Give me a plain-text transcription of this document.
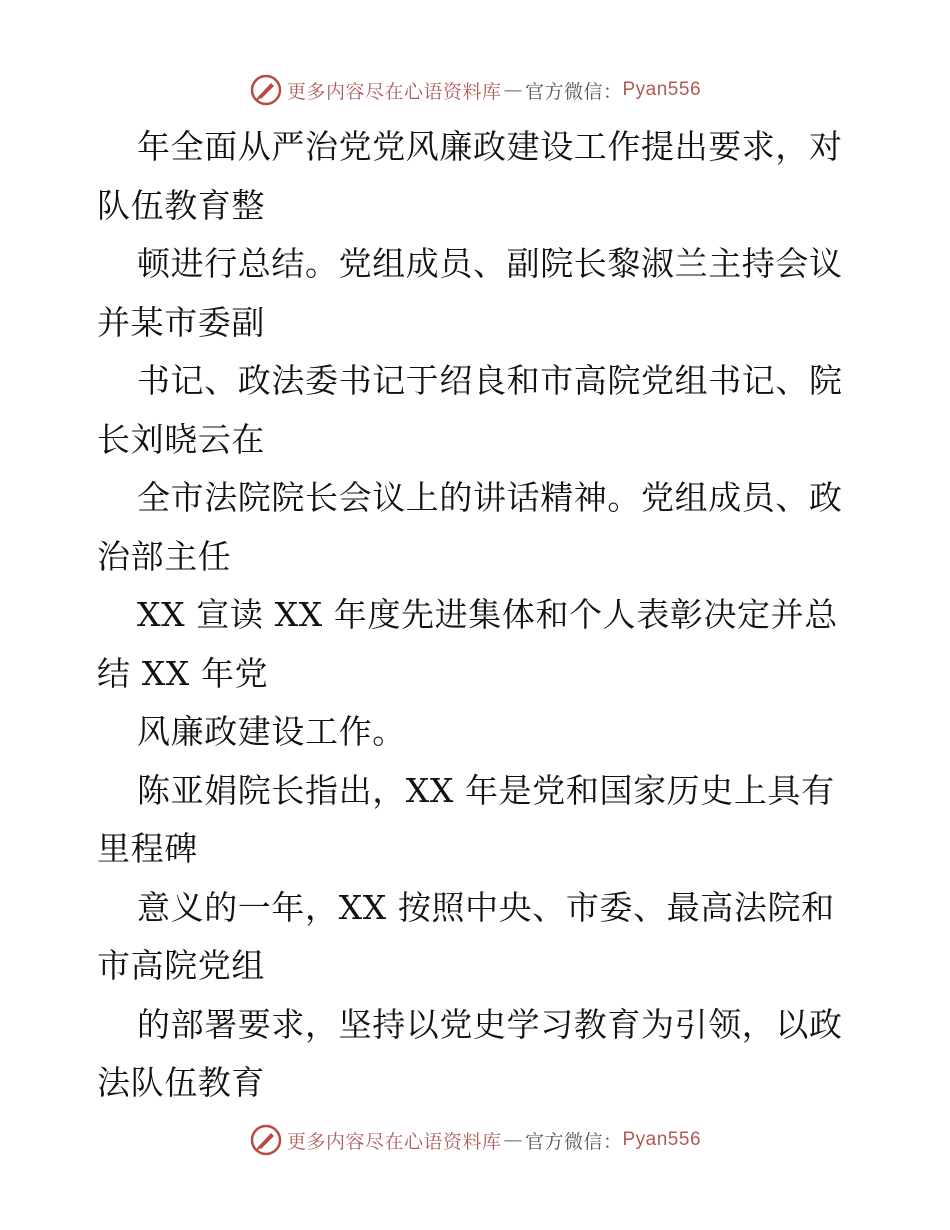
更多内容尽在心语资料库 — 官方微信： Pyan556
年全面从严治党党风廉政建设工作提出要求，对
队伍教育整
顿进行总结。党组成员、副院长黎淑兰主持会议
并某市委副
书记、政法委书记于绍良和市高院党组书记、院
长刘晓云在
全市法院院长会议上的讲话精神。党组成员、政
治部主任
XX 宣读 XX 年度先进集体和个人表彰决定并总
结 XX 年党
风廉政建设工作。
陈亚娟院长指出，XX 年是党和国家历史上具有
里程碑
意义的一年，XX 按照中央、市委、最高法院和
市高院党组
的部署要求，坚持以党史学习教育为引领，以政
法队伍教育
更多内容尽在心语资料库 — 官方微信： Pyan556
